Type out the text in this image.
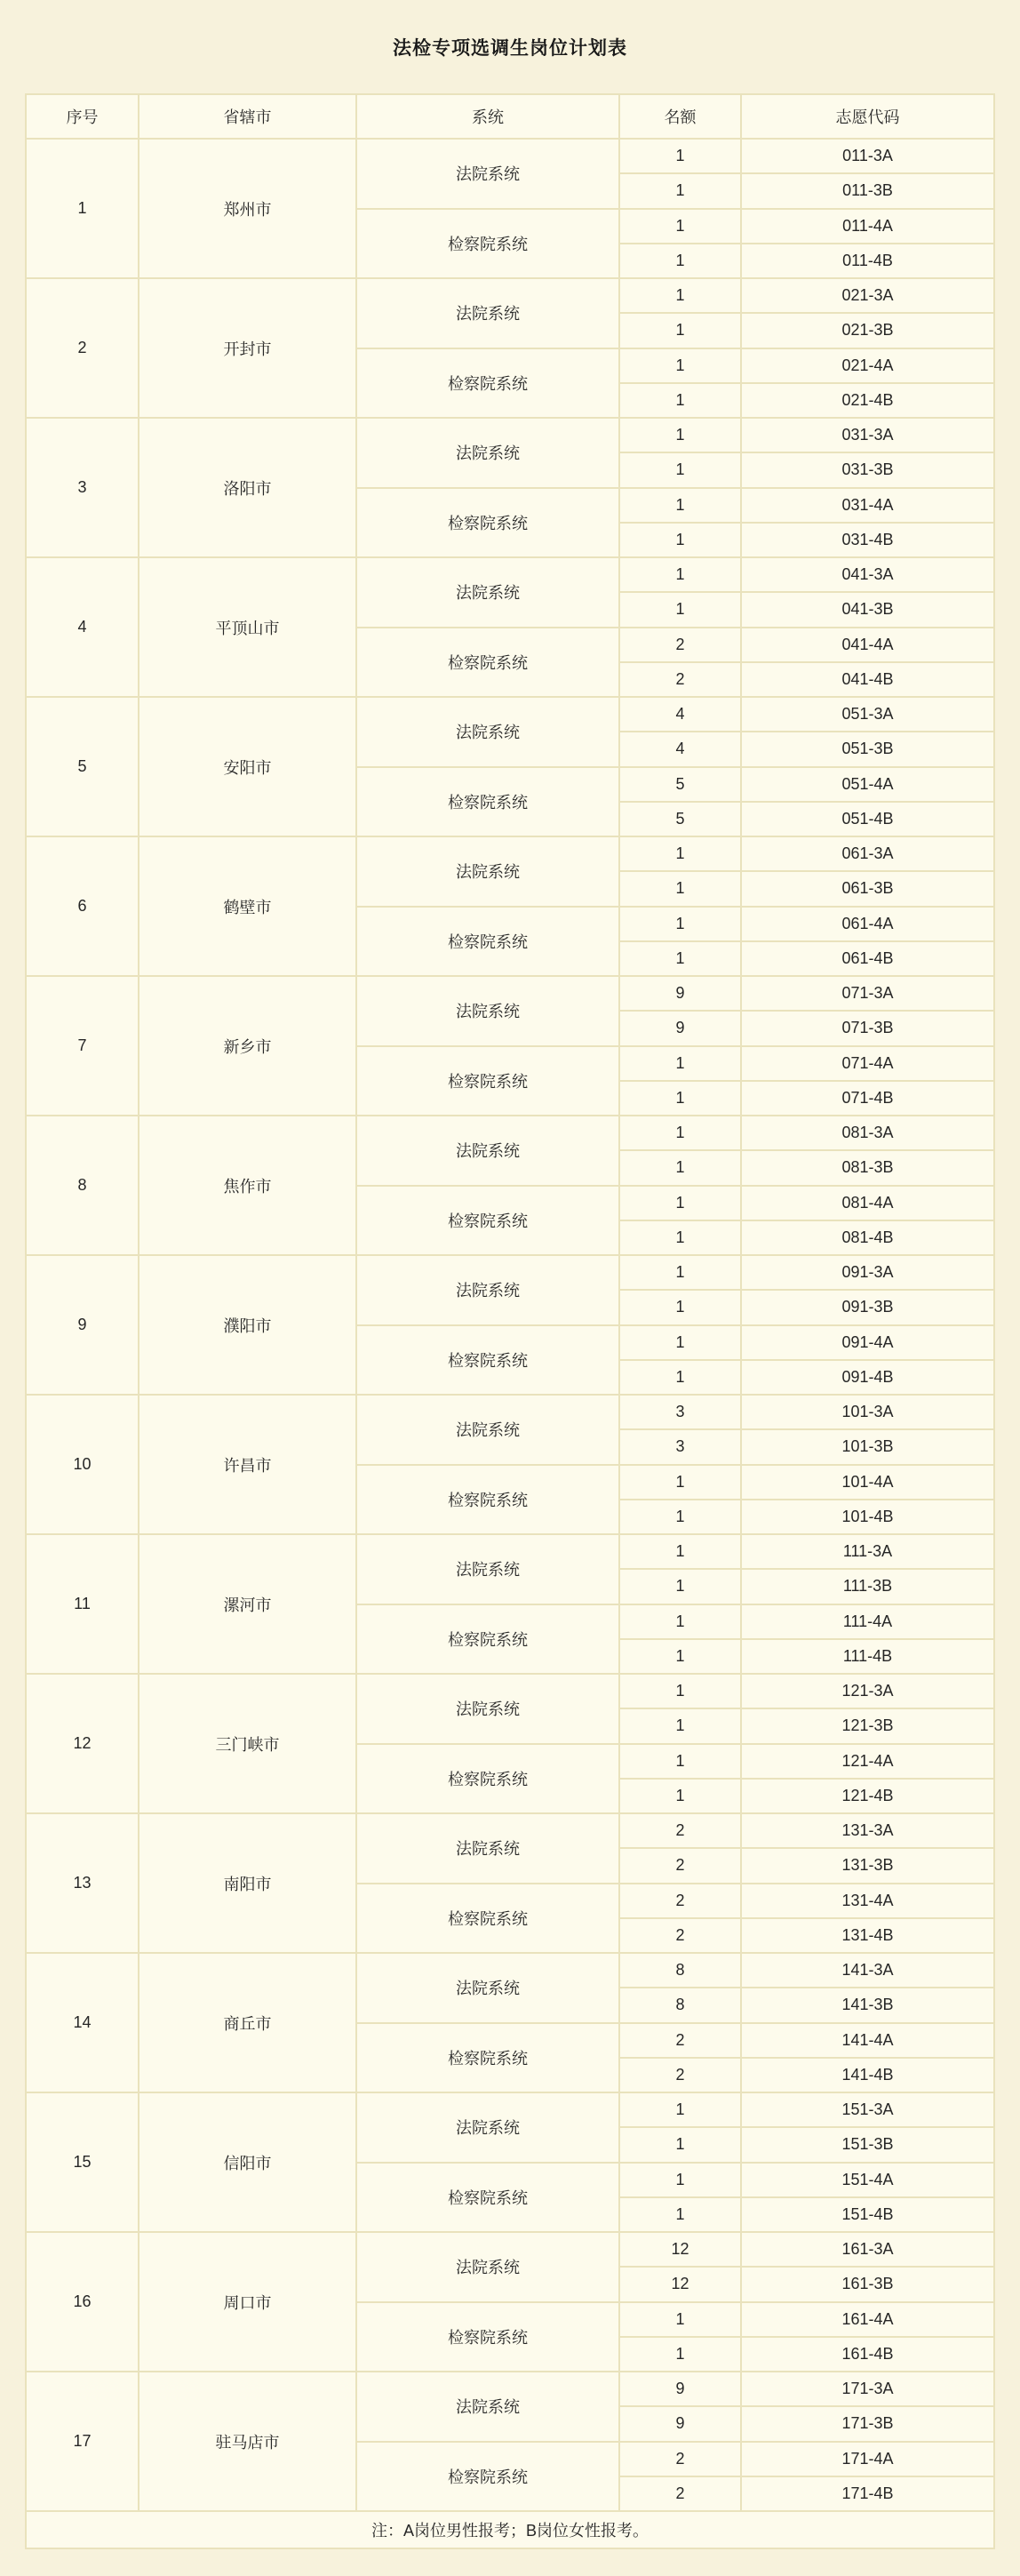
法检专项选调生岗位计划表
序号	省辖市	系统	名额	志愿代码
1	郑州市	法院系统	1	011-3A
			1	011-3B
		检察院系统	1	011-4A
			1	011-4B
2	开封市	法院系统	1	021-3A
			1	021-3B
		检察院系统	1	021-4A
			1	021-4B
3	洛阳市	法院系统	1	031-3A
			1	031-3B
		检察院系统	1	031-4A
			1	031-4B
4	平顶山市	法院系统	1	041-3A
			1	041-3B
		检察院系统	2	041-4A
			2	041-4B
5	安阳市	法院系统	4	051-3A
			4	051-3B
		检察院系统	5	051-4A
			5	051-4B
6	鹤壁市	法院系统	1	061-3A
			1	061-3B
		检察院系统	1	061-4A
			1	061-4B
7	新乡市	法院系统	9	071-3A
			9	071-3B
		检察院系统	1	071-4A
			1	071-4B
8	焦作市	法院系统	1	081-3A
			1	081-3B
		检察院系统	1	081-4A
			1	081-4B
9	濮阳市	法院系统	1	091-3A
			1	091-3B
		检察院系统	1	091-4A
			1	091-4B
10	许昌市	法院系统	3	101-3A
			3	101-3B
		检察院系统	1	101-4A
			1	101-4B
11	漯河市	法院系统	1	111-3A
			1	111-3B
		检察院系统	1	111-4A
			1	111-4B
12	三门峡市	法院系统	1	121-3A
			1	121-3B
		检察院系统	1	121-4A
			1	121-4B
13	南阳市	法院系统	2	131-3A
			2	131-3B
		检察院系统	2	131-4A
			2	131-4B
14	商丘市	法院系统	8	141-3A
			8	141-3B
		检察院系统	2	141-4A
			2	141-4B
15	信阳市	法院系统	1	151-3A
			1	151-3B
		检察院系统	1	151-4A
			1	151-4B
16	周口市	法院系统	12	161-3A
			12	161-3B
		检察院系统	1	161-4A
			1	161-4B
17	驻马店市	法院系统	9	171-3A
			9	171-3B
		检察院系统	2	171-4A
			2	171-4B
注：A岗位男性报考；B岗位女性报考。				
